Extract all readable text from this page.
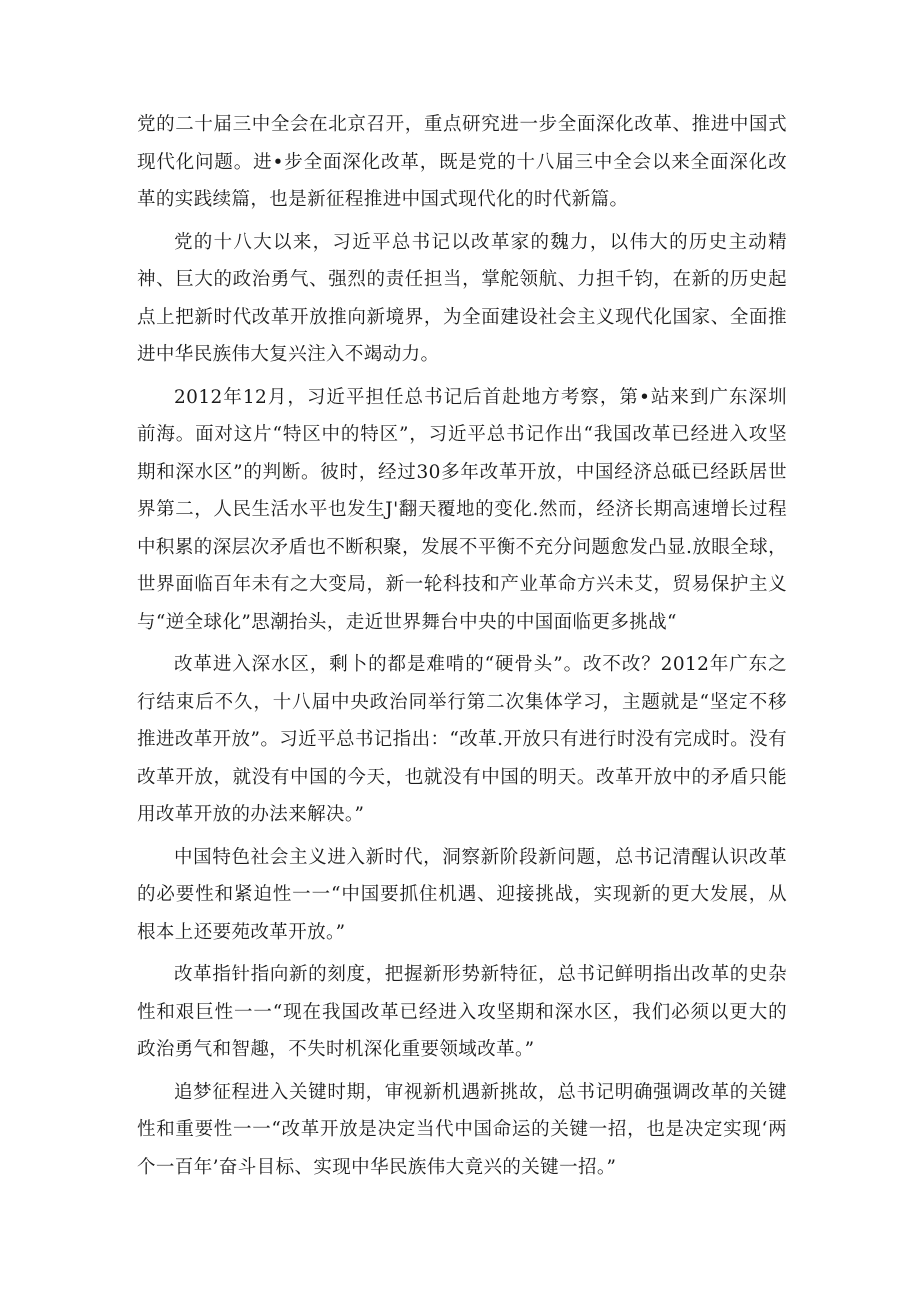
党的二十届三中全会在北京召开，重点研究进一步全面深化改革、推进中国式现代化问题。进•步全面深化改革，既是党的十八届三中全会以来全面深化改革的实践续篇，也是新征程推进中国式现代化的时代新篇。

党的十八大以来，习近平总书记以改革家的魏力，以伟大的历史主动精神、巨大的政治勇气、强烈的责任担当，掌舵领航、力担千钧，在新的历史起点上把新时代改革开放推向新境界，为全面建设社会主义现代化国家、全面推进中华民族伟大复兴注入不竭动力。

2012年12月，习近平担任总书记后首赴地方考察，第•站来到广东深圳前海。面对这片“特区中的特区”，习近平总书记作出“我国改革已经进入攻坚期和深水区”的判断。彼时，经过30多年改革开放，中国经济总砥已经跃居世界第二，人民生活水平也发生J'翻天覆地的变化.然而，经济长期高速增长过程中积累的深层次矛盾也不断积聚，发展不平衡不充分问题愈发凸显.放眼全球，世界面临百年未有之大变局，新一轮科技和产业革命方兴未艾，贸易保护主义与“逆全球化”思潮抬头，走近世界舞台中央的中国面临更多挑战“

改革进入深水区，剩卜的都是难啃的“硬骨头”。改不改？2012年广东之行结束后不久，十八届中央政治同举行第二次集体学习，主题就是“坚定不移推进改革开放”。习近平总书记指出：“改革.开放只有进行时没有完成时。没有改革开放，就没有中国的今天，也就没有中国的明天。改革开放中的矛盾只能用改革开放的办法来解决。”

中国特色社会主义进入新时代，洞察新阶段新问题，总书记清醒认识改革的必要性和紧迫性一一“中国要抓住机遇、迎接挑战，实现新的更大发展，从根本上还要苑改革开放。”

改革指针指向新的刻度，把握新形势新特征，总书记鲜明指出改革的史杂性和艰巨性一一“现在我国改革已经进入攻坚期和深水区，我们必须以更大的政治勇气和智趣，不失时机深化重要领域改革。”

追梦征程进入关键时期，审视新机遇新挑故，总书记明确强调改革的关键性和重要性一一“改革开放是决定当代中国命运的关键一招，也是决定实现‘两个一百年’奋斗目标、实现中华民族伟大竟兴的关键一招。”
